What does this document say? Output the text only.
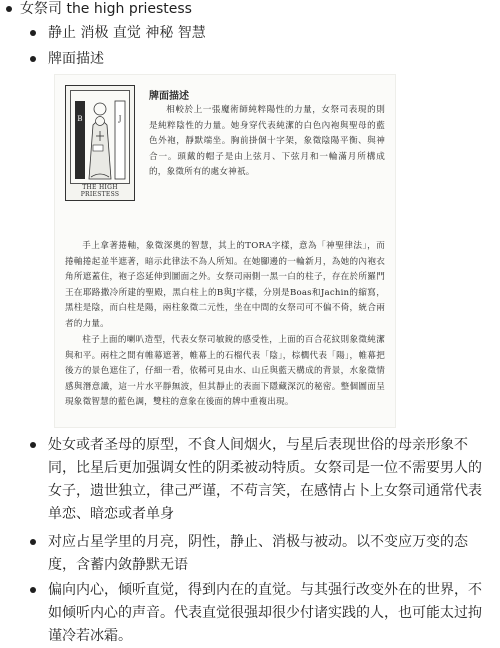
女祭司 the high priestess
静止 消极 直觉 神秘 智慧
牌面描述
B	J
THE HIGH PRIESTESS
牌面描述

相較於上一張魔術師純粹陽性的力量，女祭司表現的則是純粹陰性的力量。她身穿代表純潔的白色內袍與聖母的藍色外袍，靜默端坐。胸前掛個十字架，象徵陰陽平衡、與神合一。頭戴的帽子是由上弦月、下弦月和一輪滿月所構成的，象徵所有的處女神祇。

手上拿著捲軸，象徵深奧的智慧，其上的TORA字樣，意為「神聖律法」，而捲軸捲起並半遮著，暗示此律法不為人所知。在她腳邊的一輪新月，為她的內袍衣角所遮蓋住，袍子恣延伸到圖面之外。女祭司兩側一黑一白的柱子，存在於所羅門王在耶路撒冷所建的聖殿，黑白柱上的B與J字樣，分別是Boas和Jachin的縮寫，黑柱是陰，而白柱是陽，兩柱象徵二元性，坐在中間的女祭司可不偏不倚，統合兩者的力量。

柱子上面的喇叭造型，代表女祭司敏銳的感受性，上面的百合花紋則象徵純潔與和平。兩柱之間有帷幕遮著，帷幕上的石榴代表「陰」，棕櫚代表「陽」，帷幕把後方的景色遮住了，仔細一看，依稀可見由水、山丘與藍天構成的背景，水象徵情感與潛意識，這一片水平靜無波，但其靜止的表面下隱藏深沉的秘密。整個圖面呈現象徵智慧的藍色調，雙柱的意象在後面的牌中重複出現。

处女或者圣母的原型，不食人间烟火，与星后表现世俗的母亲形象不同，比星后更加强调女性的阴柔被动特质。女祭司是一位不需要男人的女子，遗世独立，律己严谨，不苟言笑，在感情占卜上女祭司通常代表单恋、暗恋或者单身
对应占星学里的月亮，阴性，静止、消极与被动。以不变应万变的态度，含蓄内敛静默无语
偏向内心，倾听直觉，得到内在的直觉。与其强行改变外在的世界，不如倾听内心的声音。代表直觉很强却很少付诸实践的人，也可能太过拘谨冷若冰霜。
